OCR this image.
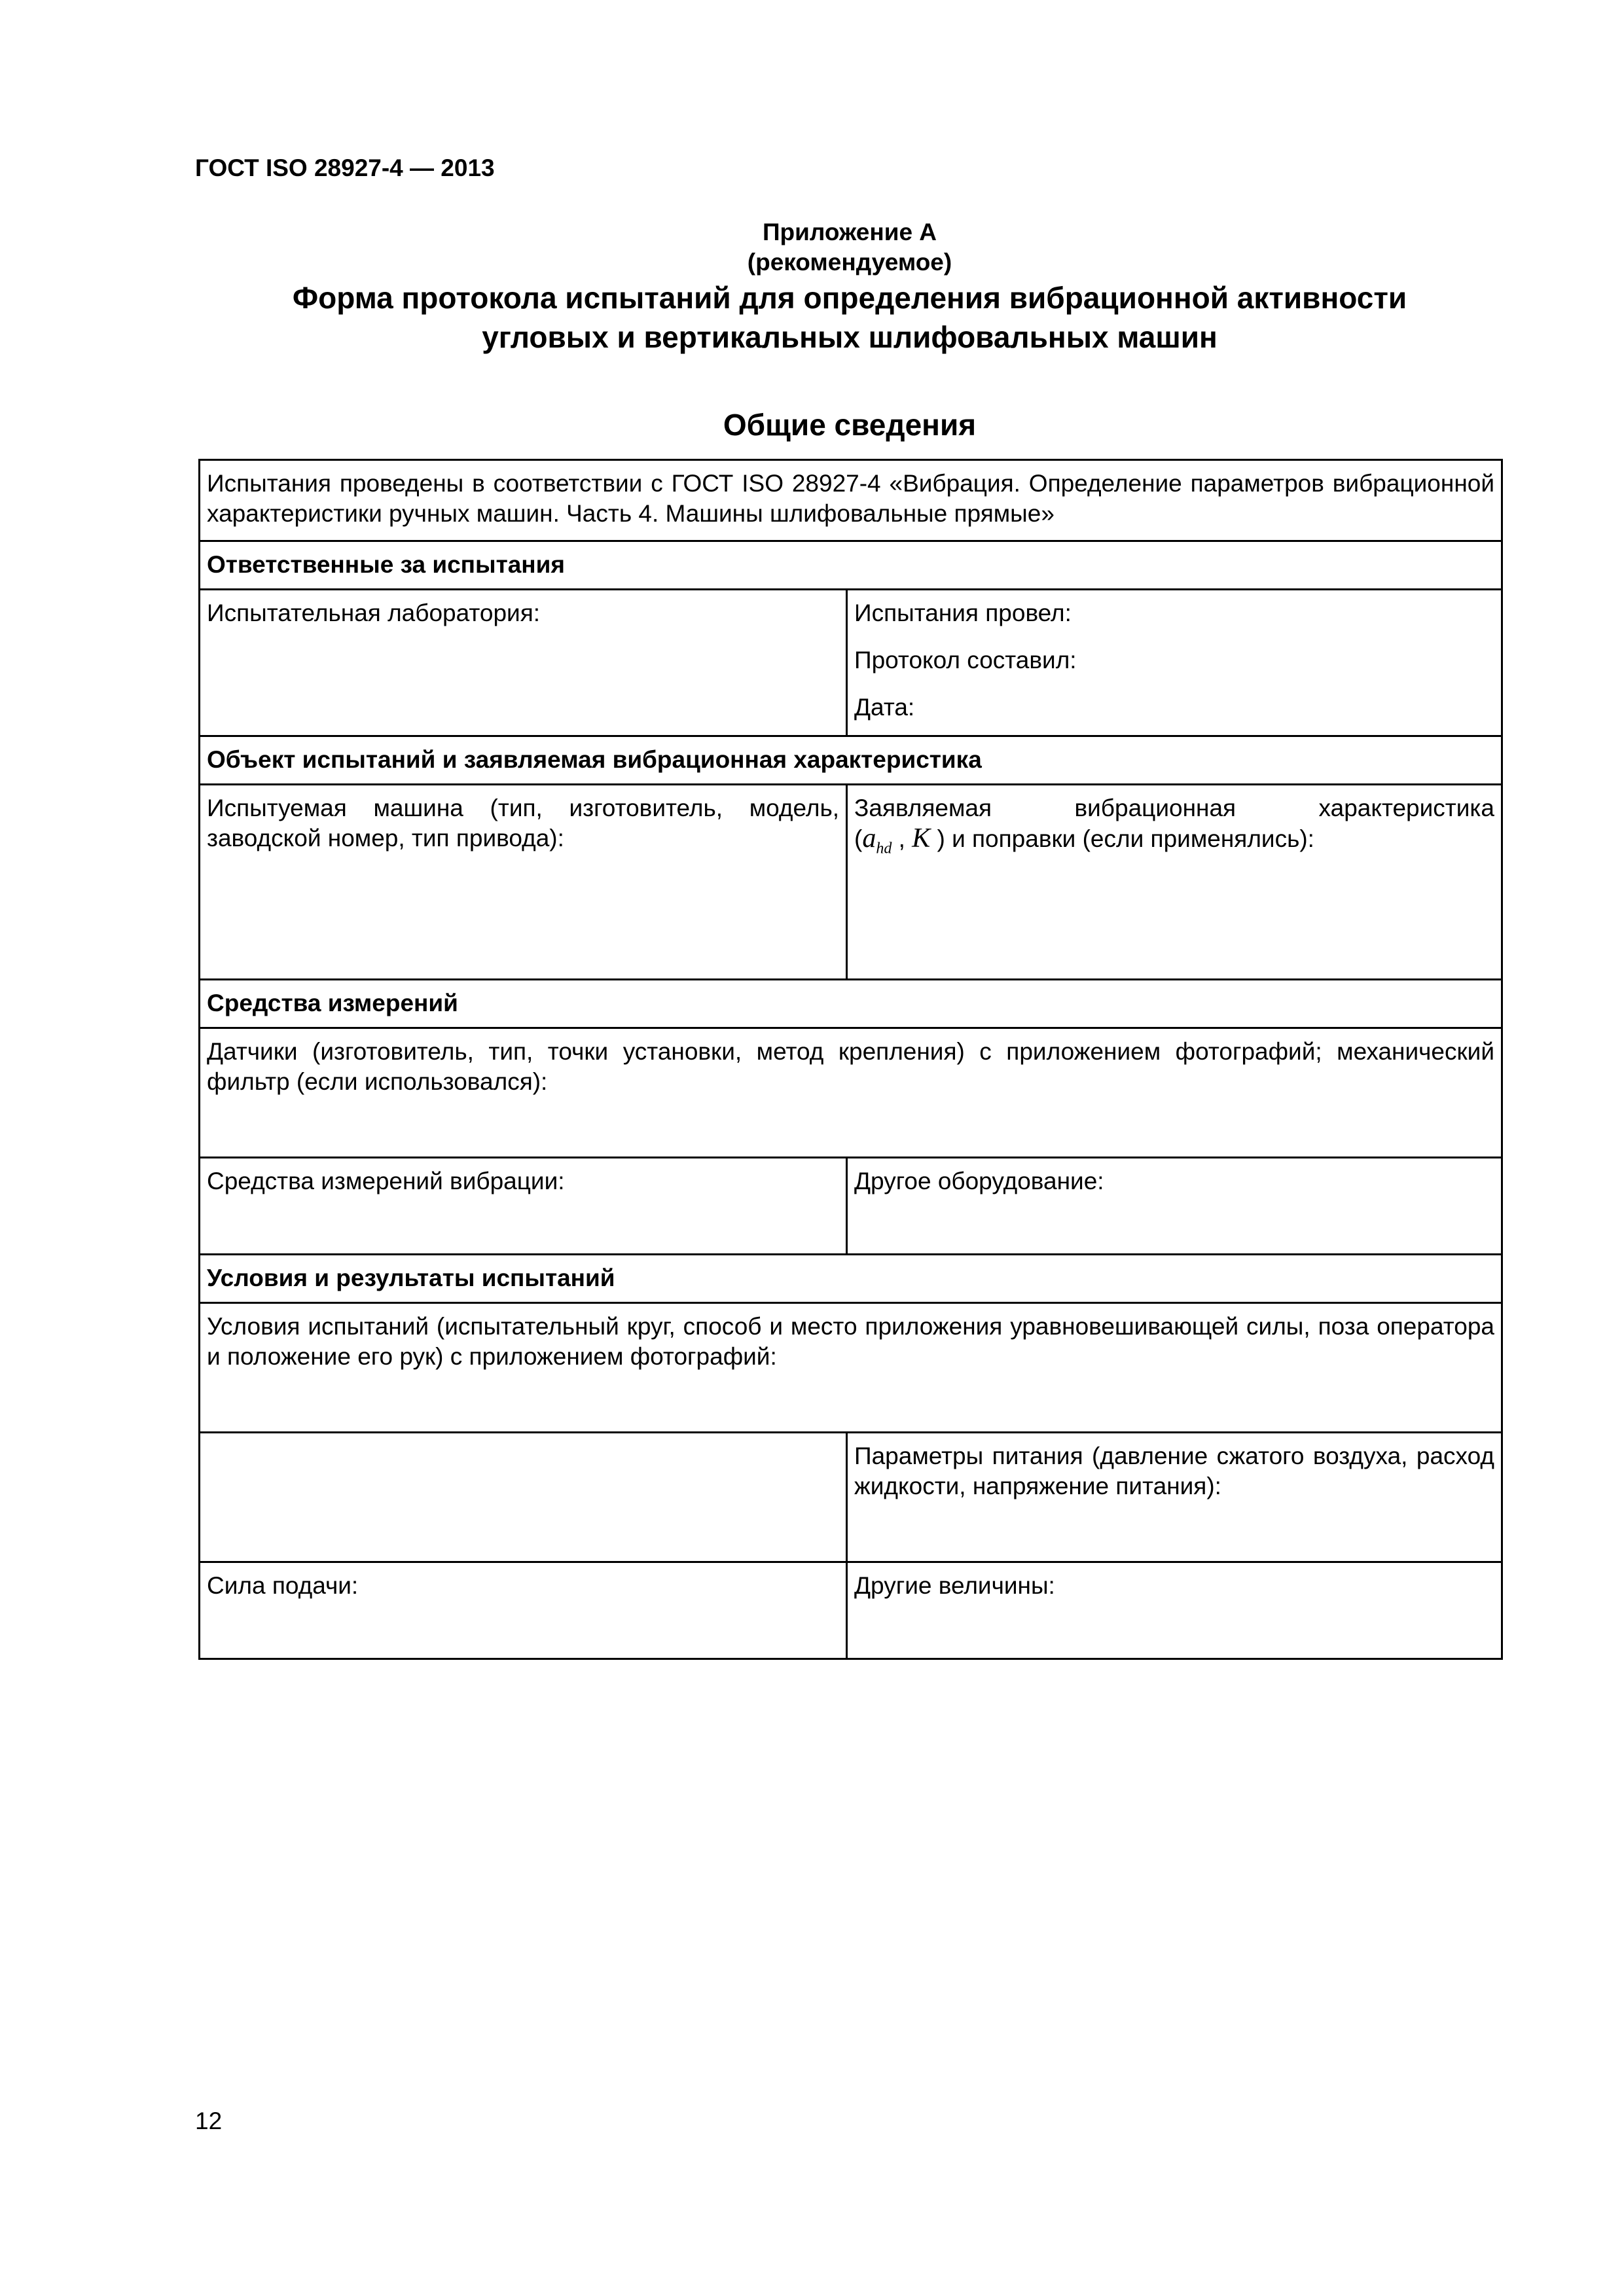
ГОСТ ISO 28927-4 — 2013
Приложение А
(рекомендуемое)
Форма протокола испытаний для определения вибрационной активности
угловых и вертикальных шлифовальных машин
Общие сведения
Испытания проведены в соответствии с ГОСТ ISO 28927-4 «Вибрация. Определение параметров вибрационной характеристики ручных машин. Часть 4. Машины шлифовальные прямые»	
Ответственные за испытания	

Испытательная лаборатория:	Испытания провел:
Протокол составил:
Дата:

Объект испытаний и заявляемая вибрационная характеристика	
Испытуемая машина (тип, изготовитель, модель, заводской номер, тип привода):	Заявляемая вибрационная характеристика
($a_{hd}$ , K ) и поправки (если применялись):

Средства измерений	
Датчики (изготовитель, тип, точки установки, метод крепления) с приложением фотографий; механический фильтр (если использовался):	

Средства измерений вибрации:	Другое оборудование:

Условия и результаты испытаний	
Условия испытаний (испытательный круг, способ и место приложения уравновешивающей силы, поза оператора и положение его рук) с приложением фотографий:	
	Параметры питания (давление сжатого воздуха, расход жидкости, напряжение питания):

Сила подачи:	Другие величины:
12
